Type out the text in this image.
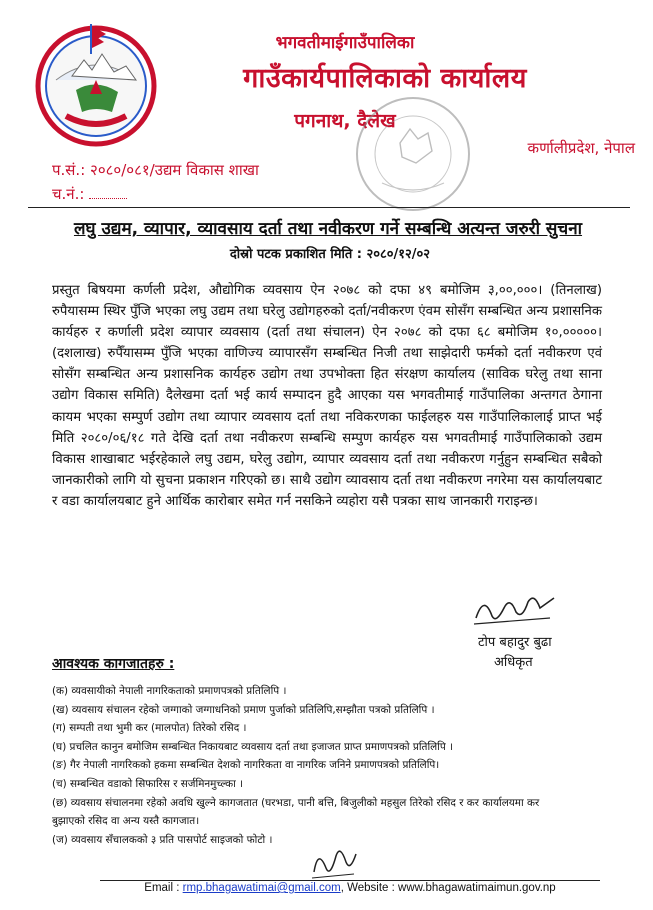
भगवतीमाईगाउँपालिका
गाउँकार्यपालिकाको कार्यालय
पगनाथ, दैलेख
कर्णालीप्रदेश, नेपाल
प.सं.: २०८०/०८१/उद्यम विकास शाखा
च.नं.:
लघु उद्यम, व्यापार, व्यावसाय दर्ता तथा नवीकरण गर्ने सम्बन्धि अत्यन्त जरुरी सुचना
दोस्रो पटक प्रकाशित मिति : २०८०/१२/०२
प्रस्तुत बिषयमा कर्णली प्रदेश, औद्योगिक व्यवसाय ऐन २०७८ को दफा ४९ बमोजिम ३,००,०००। (तिनलाख) रुपैयासम्म स्थिर पुँजि भएका लघु उद्यम तथा घरेलु उद्योगहरुको दर्ता/नवीकरण एंवम सोसँग सम्बन्धित अन्य प्रशासनिक कार्यहरु र कर्णाली प्रदेश व्यापार व्यवसाय (दर्ता तथा संचालन) ऐन २०७८ को दफा ६८ बमोजिम १०,०००००। (दशलाख) रुपैँयासम्म पुँजि भएका वाणिज्य व्यापारसँग सम्बन्धित निजी तथा साझेदारी फर्मको दर्ता नवीकरण एवं सोसँग सम्बन्धित अन्य प्रशासनिक कार्यहरु उद्योग तथा उपभोक्ता हित संरक्षण कार्यालय (साविक घरेलु तथा साना उद्योग विकास समिति) दैलेखमा दर्ता भई कार्य सम्पादन हुदै आएका यस भगवतीमाई गाउँपालिका अन्तगत ठेगाना कायम भएका सम्पुर्ण उद्योग तथा व्यापार व्यवसाय दर्ता तथा नविकरणका फाईलहरु यस गाउँपालिकालाई प्राप्त भई मिति २०८०/०६/१८ गते देखि दर्ता तथा नवीकरण सम्बन्धि सम्पुण कार्यहरु यस भगवतीमाई गाउँपालिकाको उद्यम विकास शाखाबाट भईरहेकाले लघु उद्यम, घरेलु उद्योग, व्यापार व्यवसाय दर्ता तथा नवीकरण गर्नुहुन सम्बन्धित सबैको जानकारीको लागि यो सुचना प्रकाशन गरिएको छ। साथै उद्योग व्यावसाय दर्ता तथा नवीकरण नगरेमा यस कार्यालयबाट र वडा कार्यालयबाट हुने आर्थिक कारोबार समेत गर्न नसकिने व्यहोरा यसै पत्रका साथ जानकारी गराइन्छ।
टोप बहादुर बुढा
अधिकृत
आवश्यक कागजातहरु :
(क) व्यवसायीको नेपाली नागरिकताको प्रमाणपत्रको प्रतिलिपि ।
(ख) व्यवसाय संचालन रहेको जग्गाको जग्गाधनिको प्रमाण पुर्जाको प्रतिलिपि,सम्झौता पत्रको प्रतिलिपि ।
(ग) सम्पती तथा भुमी कर (मालपोत) तिरेको रसिद ।
(घ) प्रचलित कानुन बमोजिम सम्बन्धित निकायबाट व्यवसाय दर्ता तथा इजाजत प्राप्त प्रमाणपत्रको प्रतिलिपि ।
(ङ) गैर नेपाली नागरिकको हकमा सम्बन्धित देशको नागरिकता वा नागरिक जनिने प्रमाणपत्रको प्रतिलिपि।
(च) सम्बन्धित वडाको सिफारिस र सर्जमिनमुच्ल्का ।
(छ) व्यवसाय संचालनमा रहेको अवधि खुल्ने कागजतात (घरभडा, पानी बत्ति, बिजुलीको महसुल तिरेको रसिद र कर कार्यालयमा कर बुझाएको रसिद वा अन्य यस्तै कागजात।
(ज) व्यवसाय सँचालकको ३ प्रति पासपोर्ट साइजको फोटो ।
Email : rmp.bhagawatimai@gmail.com, Website : www.bhagawatimaimun.gov.np
